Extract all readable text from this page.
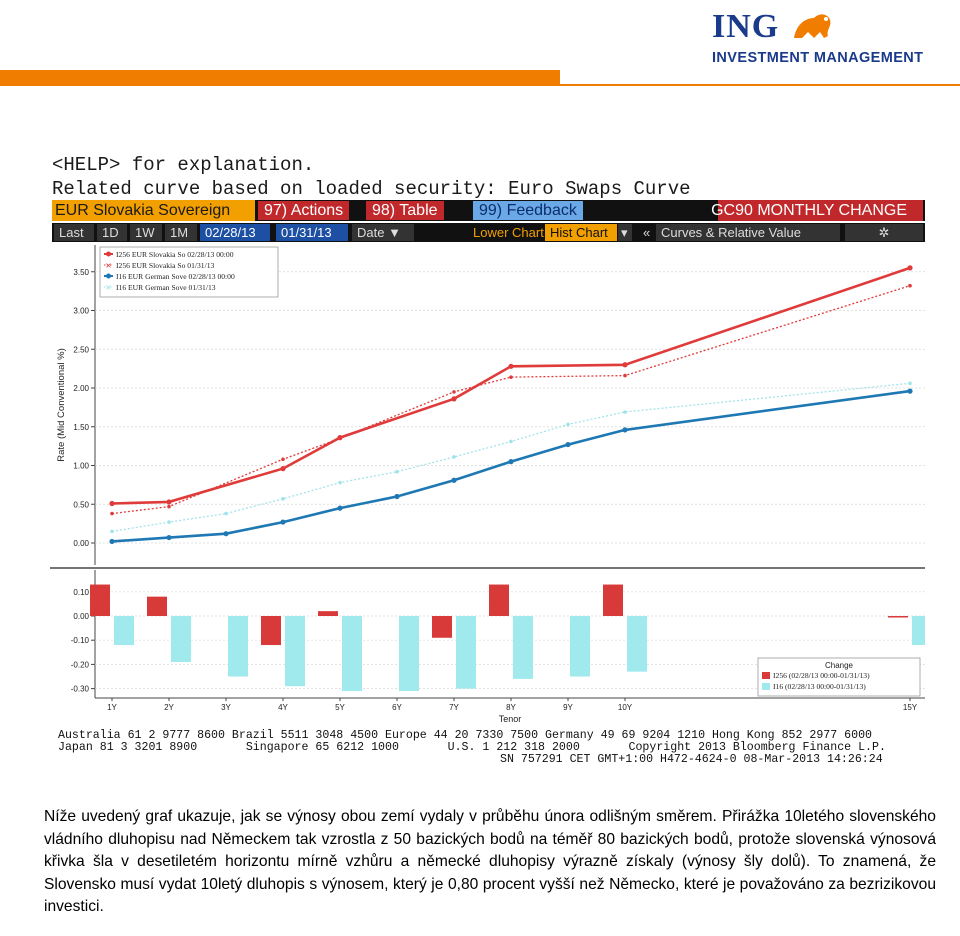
ING
INVESTMENT MANAGEMENT
<HELP> for explanation.
Related curve based on loaded security: Euro Swaps Curve
EUR Slovakia Sovereign	97) Actions	98) Table	99) Feedback	GC90 MONTHLY CHANGE
Last	1D	1W	1M	02/28/13	01/31/13	Date ▼	Lower Chart Hist Chart	▾	« Curves & Relative Value	✲
0.00
0.50
1.00
1.50
2.00
2.50
3.00
3.50
Rate (Mid Conventional %)
I256 EUR Slovakia So 02/28/13 00:00
× I256 EUR Slovakia So 01/31/13
I16 EUR German Sove 02/28/13 00:00
× I16 EUR German Sove 01/31/13
0.10
0.00
-0.10
-0.20
-0.30
1Y	2Y	3Y	4Y	5Y	6Y	7Y	8Y	9Y	10Y	15Y
Tenor
Change
I256 (02/28/13 00:00-01/31/13)
I16 (02/28/13 00:00-01/31/13)
Australia 61 2 9777 8600 Brazil 5511 3048 4500 Europe 44 20 7330 7500 Germany 49 69 9204 1210 Hong Kong 852 2977 6000
Japan 81 3 3201 8900       Singapore 65 6212 1000       U.S. 1 212 318 2000       Copyright 2013 Bloomberg Finance L.P.
SN 757291 CET GMT+1:00 H472-4624-0 08-Mar-2013 14:26:24
Níže uvedený graf ukazuje, jak se výnosy obou zemí vydaly v průběhu února odlišným směrem. Přirážka 10letého slovenského vládního dluhopisu nad Německem tak vzrostla z 50 bazických bodů na téměř 80 bazických bodů, protože slovenská výnosová křivka šla v desetiletém horizontu mírně vzhůru a německé dluhopisy výrazně získaly (výnosy šly dolů). To znamená, že Slovensko musí vydat 10letý dluhopis s výnosem, který je 0,80 procent vyšší než Německo, které je považováno za bezrizikovou investici.
